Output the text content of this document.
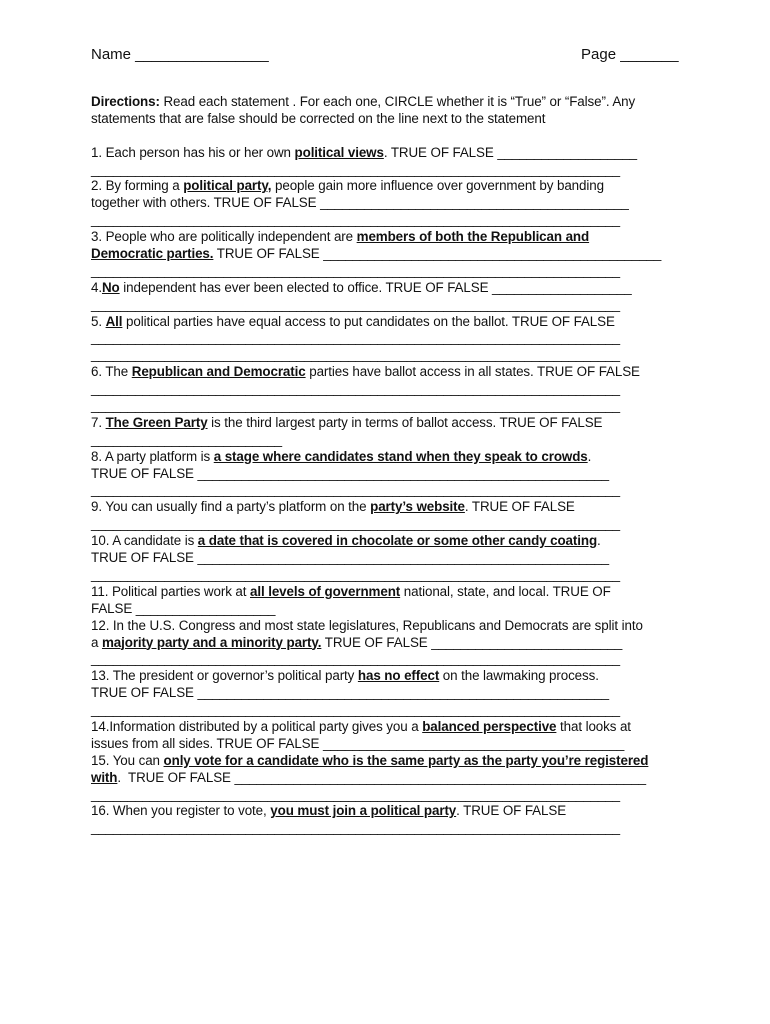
Name ________________	Page _______
Directions: Read each statement . For each one, CIRCLE whether it is “True” or “False”. Any
statements that are false should be corrected on the line next to the statement
1. Each person has his or her own political views. TRUE OF FALSE ___________________
________________________________________________________________________
2. By forming a political party, people gain more influence over government by banding
together with others. TRUE OF FALSE __________________________________________
________________________________________________________________________
3. People who are politically independent are members of both the Republican and
Democratic parties. TRUE OF FALSE ______________________________________________
________________________________________________________________________
4.No independent has ever been elected to office. TRUE OF FALSE ___________________
________________________________________________________________________
5. All political parties have equal access to put candidates on the ballot. TRUE OF FALSE
________________________________________________________________________
________________________________________________________________________
6. The Republican and Democratic parties have ballot access in all states. TRUE OF FALSE
________________________________________________________________________
________________________________________________________________________
7. The Green Party is the third largest party in terms of ballot access. TRUE OF FALSE
__________________________
8. A party platform is a stage where candidates stand when they speak to crowds.
TRUE OF FALSE ________________________________________________________
________________________________________________________________________
9. You can usually find a party’s platform on the party’s website. TRUE OF FALSE
________________________________________________________________________
10. A candidate is a date that is covered in chocolate or some other candy coating.
TRUE OF FALSE ________________________________________________________
________________________________________________________________________
11. Political parties work at all levels of government national, state, and local. TRUE OF
FALSE ___________________
12. In the U.S. Congress and most state legislatures, Republicans and Democrats are split into
a majority party and a minority party. TRUE OF FALSE __________________________
________________________________________________________________________
13. The president or governor’s political party has no effect on the lawmaking process.
TRUE OF FALSE ________________________________________________________
________________________________________________________________________
14.Information distributed by a political party gives you a balanced perspective that looks at
issues from all sides. TRUE OF FALSE _________________________________________
15. You can only vote for a candidate who is the same party as the party you’re registered
with.  TRUE OF FALSE ________________________________________________________
________________________________________________________________________
16. When you register to vote, you must join a political party. TRUE OF FALSE
________________________________________________________________________
